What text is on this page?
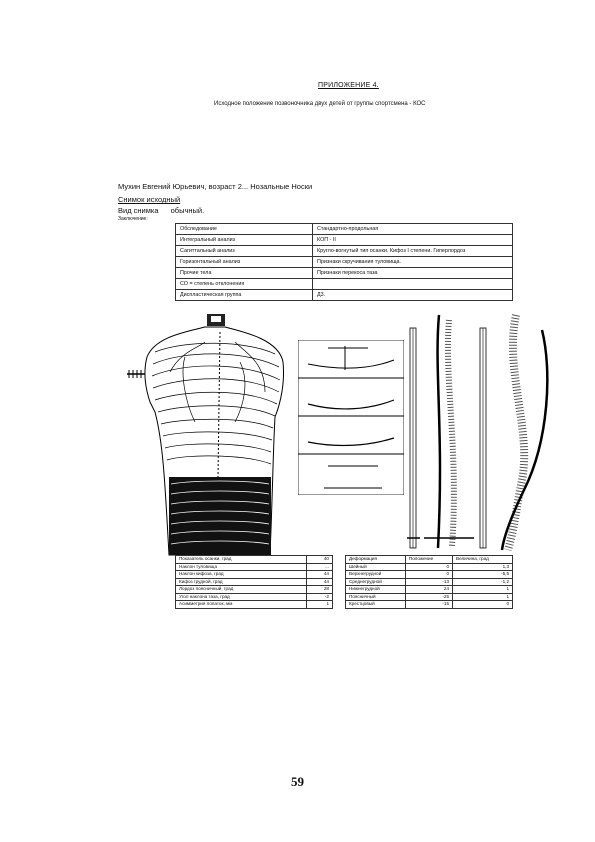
ПРИЛОЖЕНИЕ 4.
Исходное положение позвоночника двух детей от группы спортсмена - КОС
Мухин Евгений Юрьевич, возраст 2... Нозальные Носки
Снимок исходный
Вид снимка обычный.
Заключение:
Обследование	Стандартно-продольная
Интегральный анализ	КОП - II
Сагиттальный анализ	Кругло-вогнутый тип осанки. Кифоз I степени. Гиперлордоз
Горизонтальный анализ	Признаки скручивания туловища.
Прочие тела	Признаки перекоса таза
СО = степень отклонения	
Диспластическая группа	Д3.
Показатель осанки, град	40
Наклон туловища	...
Наклон кифоза, град	44
Кифоз грудной, град	44
Лордоз поясничный, град	28
Угол наклона таза, град	-2
Асимметрия лопаток, мм	1
Деформация	Положение	Величина, град
Шейный	0	1,3
Верхнегрудной	0	-5,5
Среднегрудной	-13	-1,2
Нижнегрудной	24	1
Поясничный	-25	1
Крестцовый	-15	0
59
